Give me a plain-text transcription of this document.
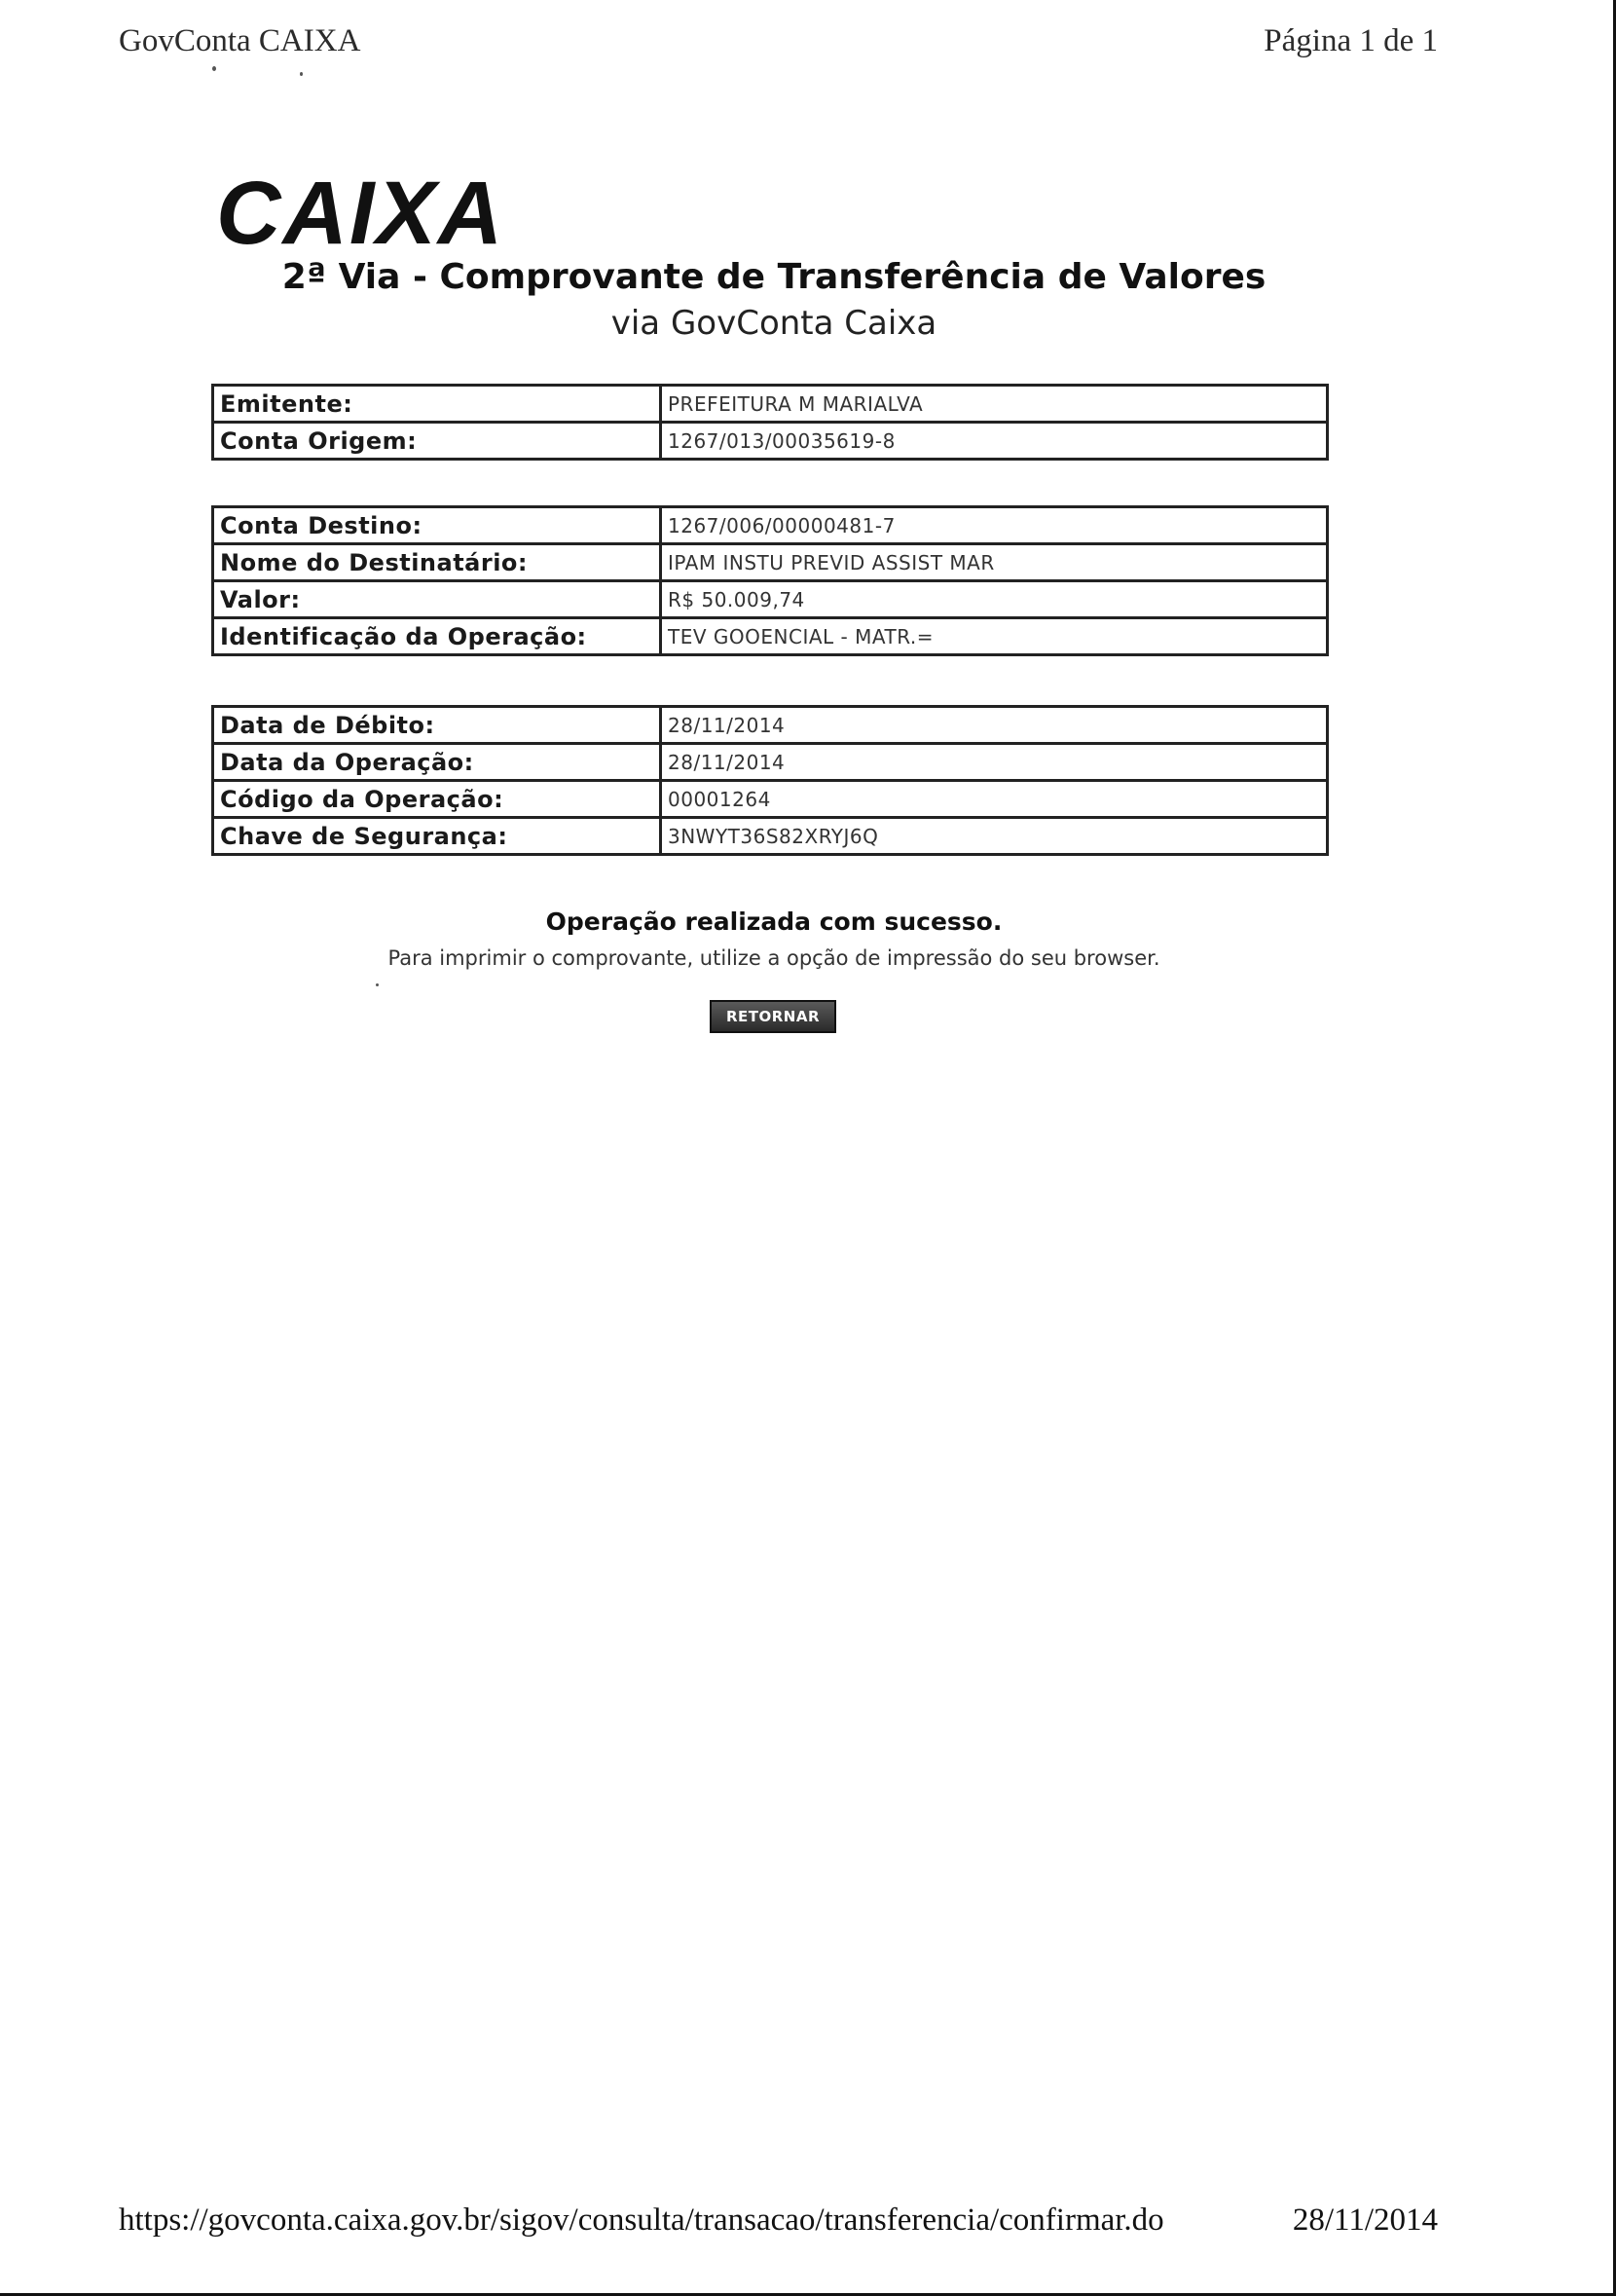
GovConta CAIXA	Página 1 de 1
CAIXA
2ª Via - Comprovante de Transferência de Valores
via GovConta Caixa
Emitente:	PREFEITURA M MARIALVA
Conta Origem:	1267/013/00035619-8
Conta Destino:	1267/006/00000481-7
Nome do Destinatário:	IPAM INSTU PREVID ASSIST MAR
Valor:	R$ 50.009,74
Identificação da Operação:	TEV GOOENCIAL - MATR.=
Data de Débito:	28/11/2014
Data da Operação:	28/11/2014
Código da Operação:	00001264
Chave de Segurança:	3NWYT36S82XRYJ6Q
Operação realizada com sucesso.
Para imprimir o comprovante, utilize a opção de impressão do seu browser.
RETORNAR
https://govconta.caixa.gov.br/sigov/consulta/transacao/transferencia/confirmar.do	28/11/2014
